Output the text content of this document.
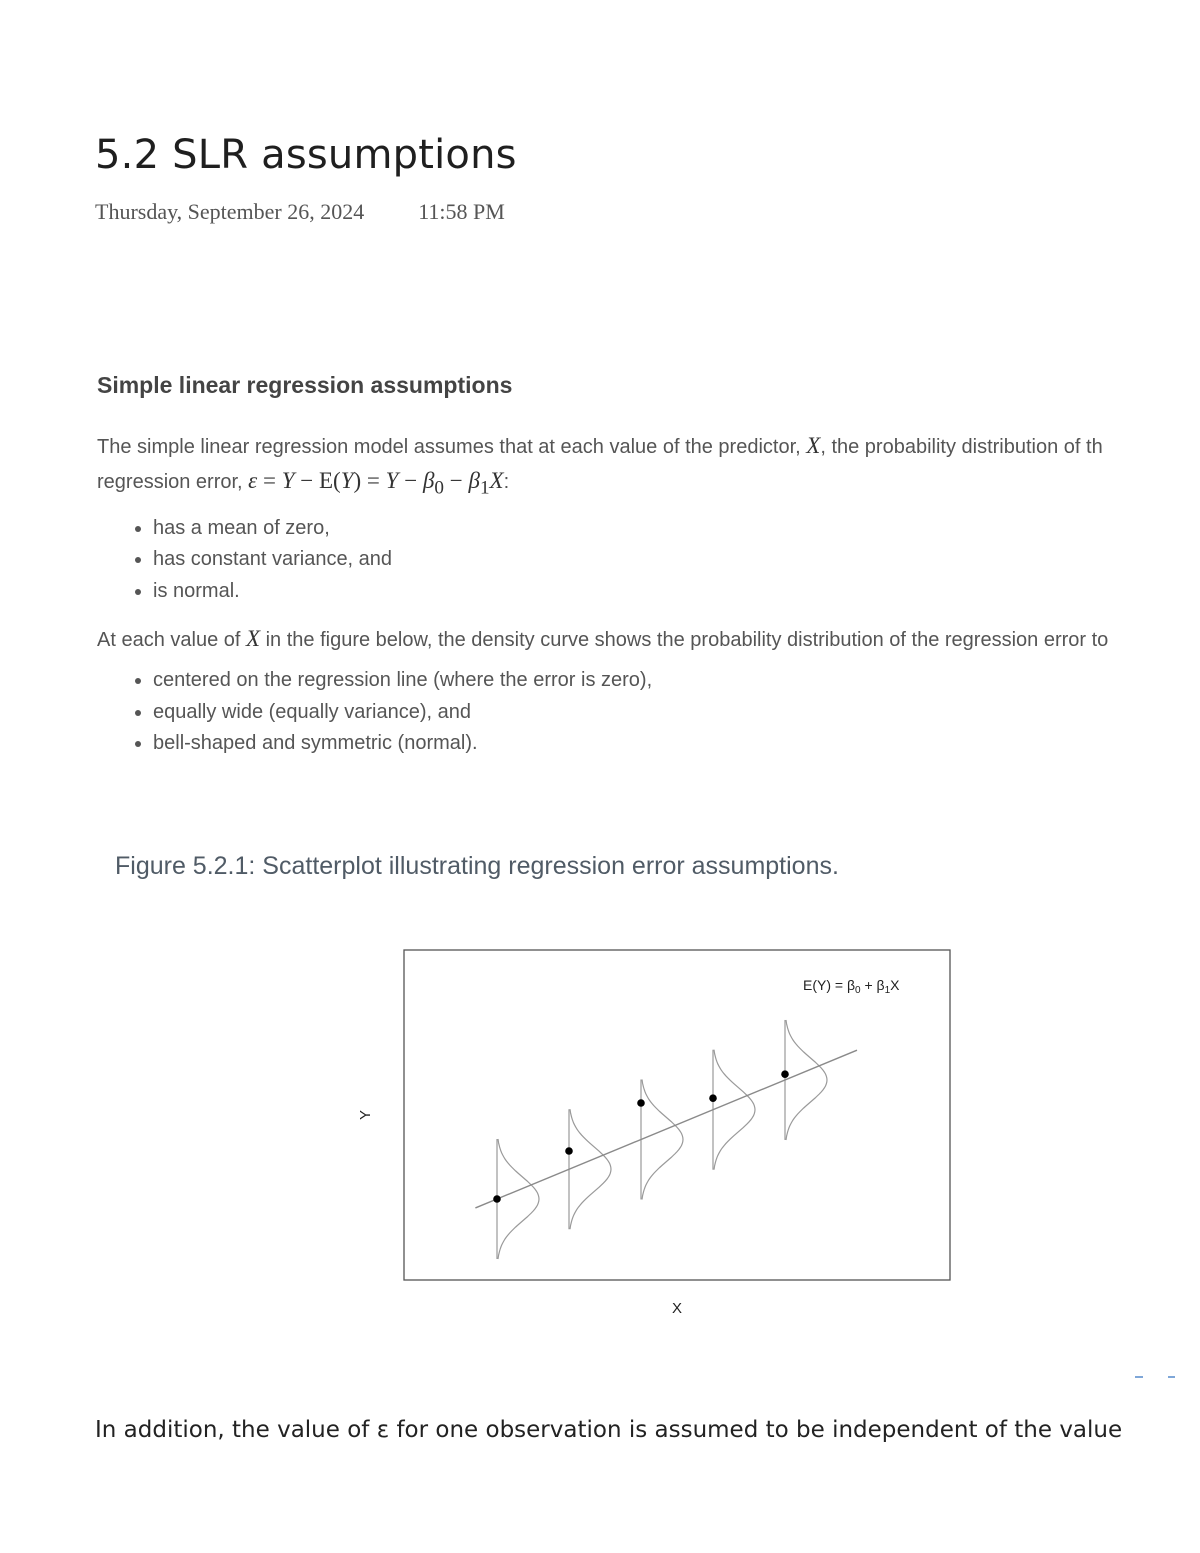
5.2 SLR assumptions
Thursday, September 26, 2024 11:58 PM
Simple linear regression assumptions

The simple linear regression model assumes that at each value of the predictor, X, the probability distribution of th
regression error, $\varepsilon = Y - E(Y) = Y - \beta_0 - \beta_1X$:

• has a mean of zero,
• has constant variance, and
• is normal.

At each value of X in the figure below, the density curve shows the probability distribution of the regression error to

• centered on the regression line (where the error is zero),
• equally wide (equally variance), and
• bell-shaped and symmetric (normal).
Figure 5.2.1: Scatterplot illustrating regression error assumptions.
$E(Y) = \beta_0 + \beta_1X$
X
Y
In addition, the value of ε for one observation is assumed to be independent of the value
